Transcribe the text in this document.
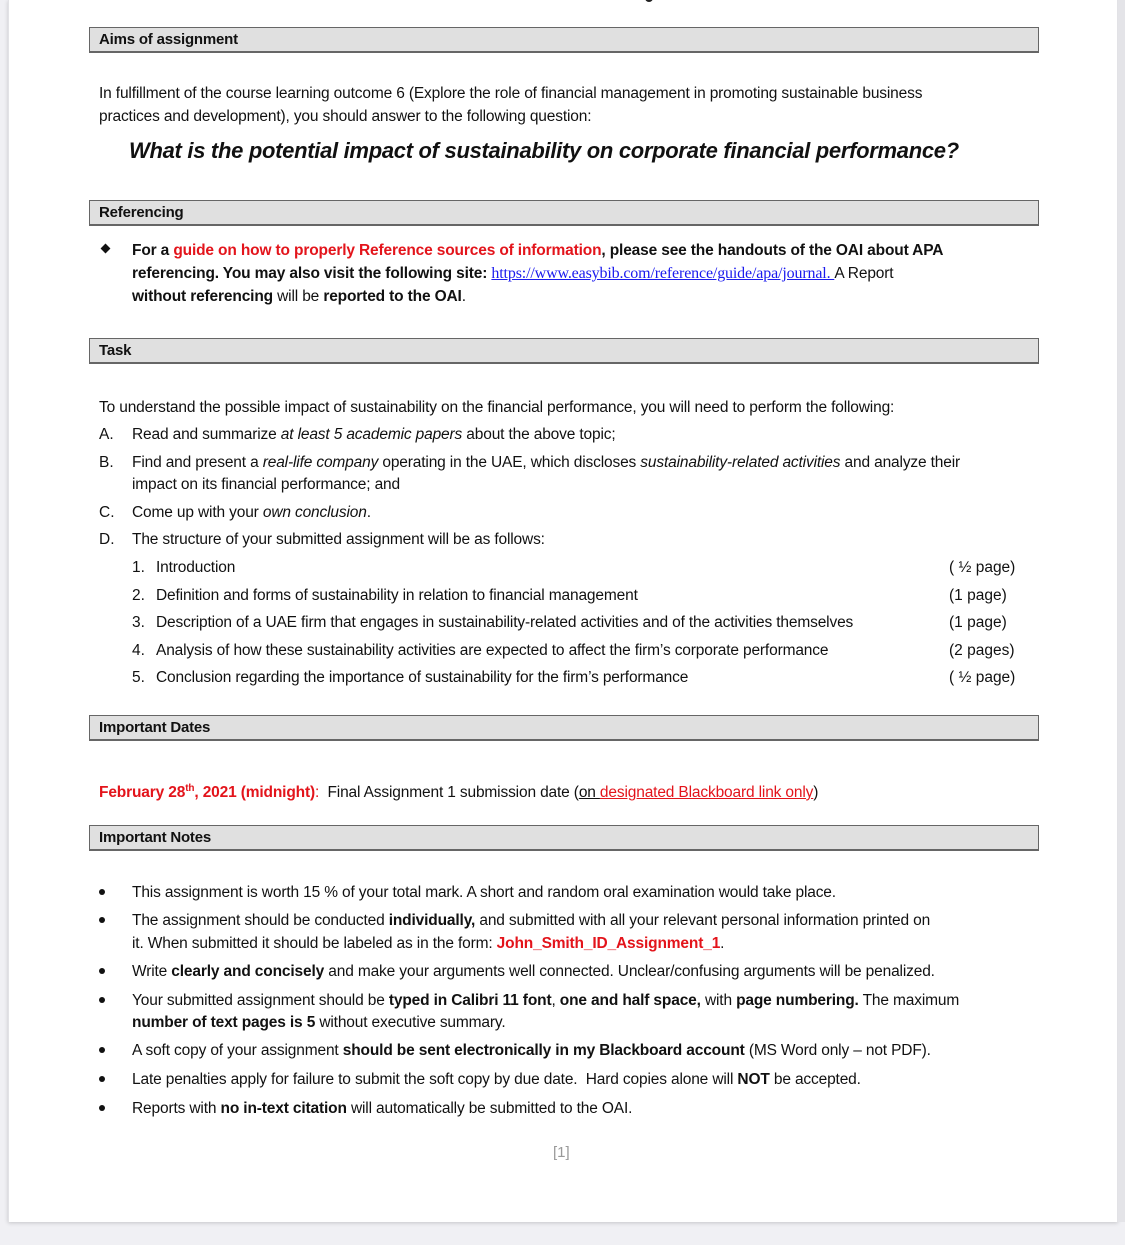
Aims of assignment
In fulfillment of the course learning outcome 6 (Explore the role of financial management in promoting sustainable business
practices and development), you should answer to the following question:
What is the potential impact of sustainability on corporate financial performance?
Referencing
For a guide on how to properly Reference sources of information, please see the handouts of the OAI about APA
referencing. You may also visit the following site: https://www.easybib.com/reference/guide/apa/journal. A Report
without referencing will be reported to the OAI.
Task
To understand the possible impact of sustainability on the financial performance, you will need to perform the following:
A. Read and summarize at least 5 academic papers about the above topic;
B. Find and present a real-life company operating in the UAE, which discloses sustainability-related activities and analyze their
impact on its financial performance; and
C. Come up with your own conclusion.
D. The structure of your submitted assignment will be as follows:
1. Introduction	( ½ page)
2. Definition and forms of sustainability in relation to financial management	(1 page)
3. Description of a UAE firm that engages in sustainability-related activities and of the activities themselves	(1 page)
4. Analysis of how these sustainability activities are expected to affect the firm’s corporate performance	(2 pages)
5. Conclusion regarding the importance of sustainability for the firm’s performance	( ½ page)
Important Dates
February 28th, 2021 (midnight):  Final Assignment 1 submission date (on designated Blackboard link only)
Important Notes
This assignment is worth 15 % of your total mark. A short and random oral examination would take place.
The assignment should be conducted individually, and submitted with all your relevant personal information printed on
it. When submitted it should be labeled as in the form: John_Smith_ID_Assignment_1.
Write clearly and concisely and make your arguments well connected. Unclear/confusing arguments will be penalized.
Your submitted assignment should be typed in Calibri 11 font, one and half space, with page numbering. The maximum
number of text pages is 5 without executive summary.
A soft copy of your assignment should be sent electronically in my Blackboard account (MS Word only – not PDF).
Late penalties apply for failure to submit the soft copy by due date.  Hard copies alone will NOT be accepted.
Reports with no in-text citation will automatically be submitted to the OAI.
[1]
